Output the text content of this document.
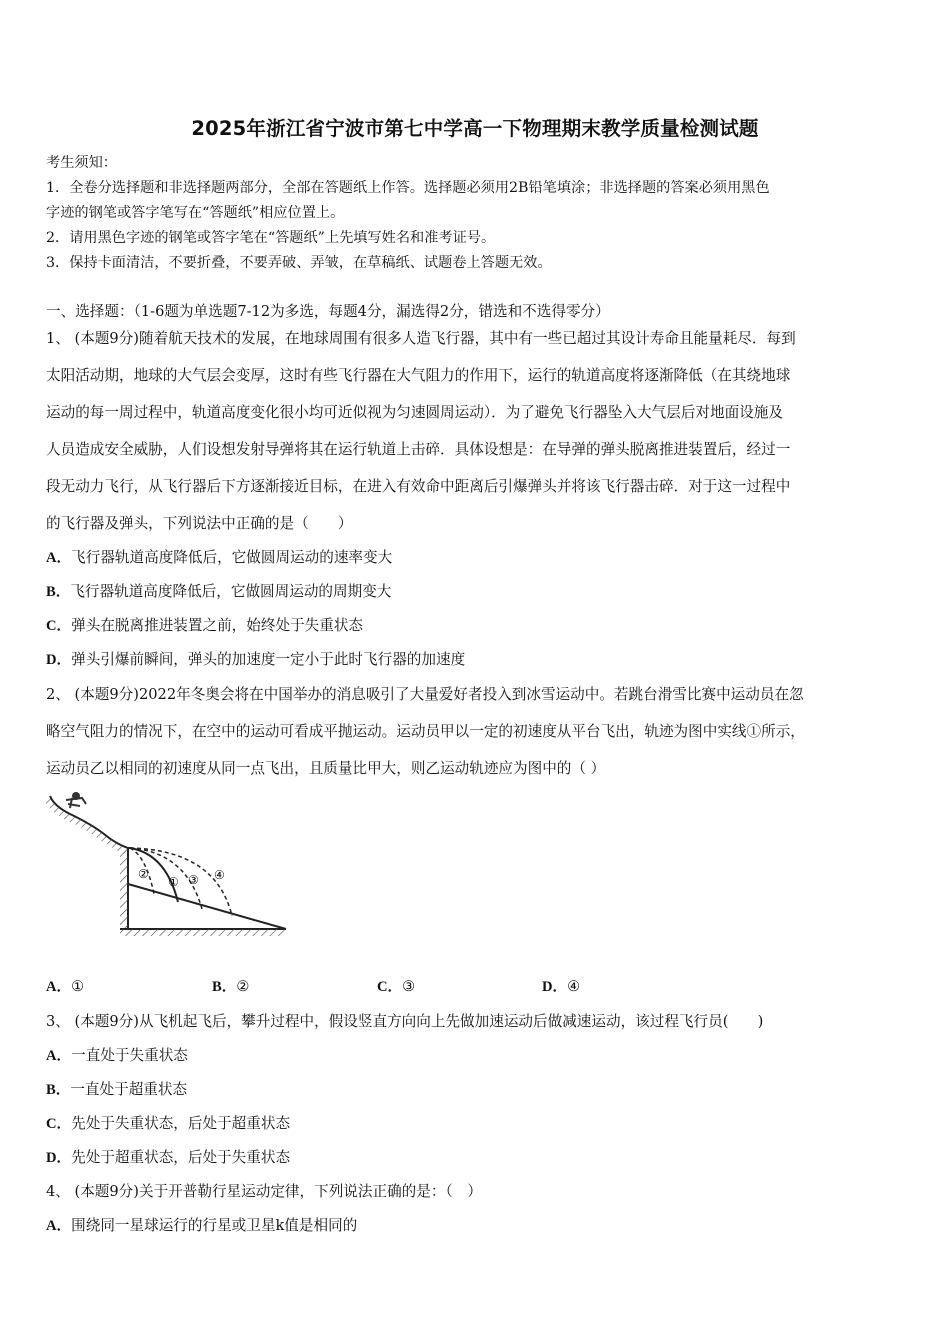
2025年浙江省宁波市第七中学高一下物理期末教学质量检测试题
考生须知：
1．全卷分选择题和非选择题两部分，全部在答题纸上作答。选择题必须用2B铅笔填涂；非选择题的答案必须用黑色
字迹的钢笔或答字笔写在“答题纸”相应位置上。
2．请用黑色字迹的钢笔或答字笔在“答题纸”上先填写姓名和准考证号。
3．保持卡面清洁，不要折叠，不要弄破、弄皱，在草稿纸、试题卷上答题无效。
一、选择题：（1-6题为单选题7-12为多选，每题4分，漏选得2分，错选和不选得零分）
1、 (本题9分)随着航天技术的发展，在地球周围有很多人造飞行器，其中有一些已超过其设计寿命且能量耗尽．每到
太阳活动期，地球的大气层会变厚，这时有些飞行器在大气阻力的作用下，运行的轨道高度将逐渐降低（在其绕地球
运动的每一周过程中，轨道高度变化很小均可近似视为匀速圆周运动）．为了避免飞行器坠入大气层后对地面设施及
人员造成安全威胁，人们设想发射导弹将其在运行轨道上击碎．具体设想是：在导弹的弹头脱离推进装置后，经过一
段无动力飞行，从飞行器后下方逐渐接近目标，在进入有效命中距离后引爆弹头并将该飞行器击碎．对于这一过程中
的飞行器及弹头，下列说法中正确的是（　　）
A．飞行器轨道高度降低后，它做圆周运动的速率变大
B．飞行器轨道高度降低后，它做圆周运动的周期变大
C．弹头在脱离推进装置之前，始终处于失重状态
D．弹头引爆前瞬间，弹头的加速度一定小于此时飞行器的加速度
2、 (本题9分)2022年冬奥会将在中国举办的消息吸引了大量爱好者投入到冰雪运动中。若跳台滑雪比赛中运动员在忽
略空气阻力的情况下，在空中的运动可看成平抛运动。运动员甲以一定的初速度从平台飞出，轨迹为图中实线①所示，
运动员乙以相同的初速度从同一点飞出，且质量比甲大，则乙运动轨迹应为图中的（ ）
②
① ③ ④
A．①	B．②	C．③	D．④
3、 (本题9分)从飞机起飞后，攀升过程中，假设竖直方向向上先做加速运动后做减速运动，该过程飞行员(　　)
A．一直处于失重状态
B．一直处于超重状态
C．先处于失重状态，后处于超重状态
D．先处于超重状态，后处于失重状态
4、 (本题9分)关于开普勒行星运动定律，下列说法正确的是：（　）
A．围绕同一星球运行的行星或卫星k值是相同的
